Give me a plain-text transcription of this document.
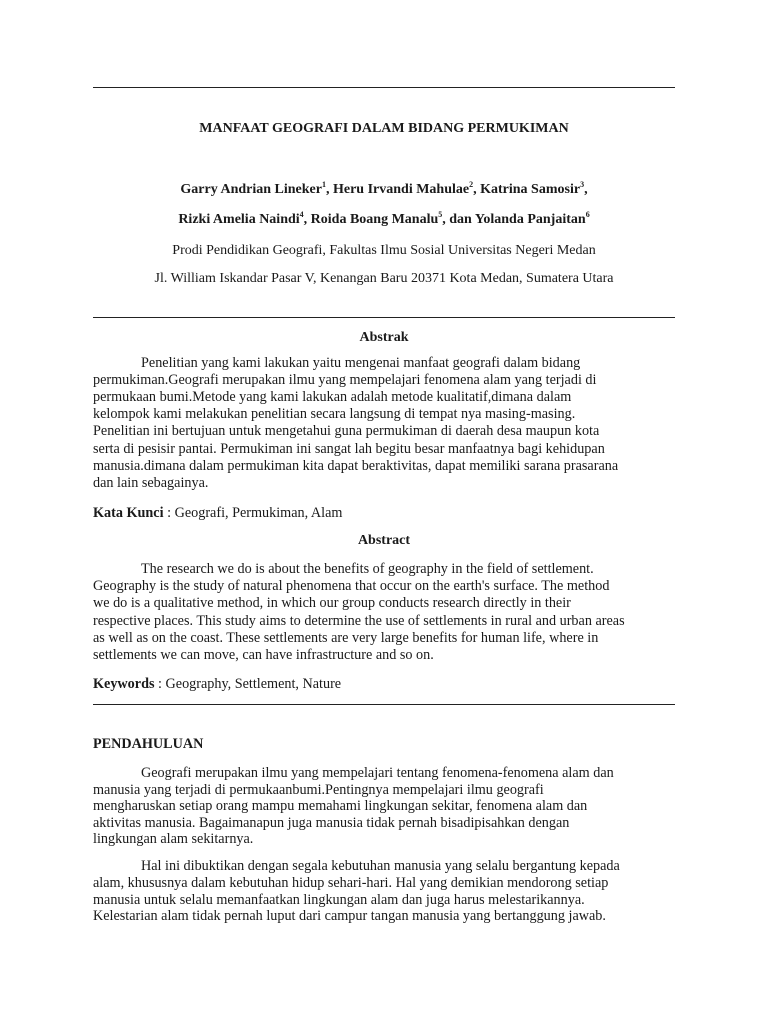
MANFAAT GEOGRAFI DALAM BIDANG PERMUKIMAN
Garry Andrian Lineker$^1$, Heru Irvandi Mahulae$^2$, Katrina Samosir$^3$,
Rizki Amelia Naindi$^4$, Roida Boang Manalu$^5$, dan Yolanda Panjaitan$^6$
Prodi Pendidikan Geografi, Fakultas Ilmu Sosial Universitas Negeri Medan
Jl. William Iskandar Pasar V, Kenangan Baru 20371 Kota Medan, Sumatera Utara
Abstrak
Penelitian yang kami lakukan yaitu mengenai manfaat geografi dalam bidang
permukiman.Geografi merupakan ilmu yang mempelajari fenomena alam yang terjadi di
permukaan bumi.Metode yang kami lakukan adalah metode kualitatif,dimana dalam
kelompok kami melakukan penelitian secara langsung di tempat nya masing-masing.
Penelitian ini bertujuan untuk mengetahui guna permukiman di daerah desa maupun kota
serta di pesisir pantai. Permukiman ini sangat lah begitu besar manfaatnya bagi kehidupan
manusia.dimana dalam permukiman kita dapat beraktivitas, dapat memiliki sarana prasarana
dan lain sebagainya.
Kata Kunci : Geografi, Permukiman, Alam
Abstract
The research we do is about the benefits of geography in the field of settlement.
Geography is the study of natural phenomena that occur on the earth's surface. The method
we do is a qualitative method, in which our group conducts research directly in their
respective places. This study aims to determine the use of settlements in rural and urban areas
as well as on the coast. These settlements are very large benefits for human life, where in
settlements we can move, can have infrastructure and so on.
Keywords : Geography, Settlement, Nature
PENDAHULUAN
Geografi merupakan ilmu yang mempelajari tentang fenomena-fenomena alam dan
manusia yang terjadi di permukaanbumi.Pentingnya mempelajari ilmu geografi
mengharuskan setiap orang mampu memahami lingkungan sekitar, fenomena alam dan
aktivitas manusia. Bagaimanapun juga manusia tidak pernah bisadipisahkan dengan
lingkungan alam sekitarnya.
Hal ini dibuktikan dengan segala kebutuhan manusia yang selalu bergantung kepada
alam, khususnya dalam kebutuhan hidup sehari-hari. Hal yang demikian mendorong setiap
manusia untuk selalu memanfaatkan lingkungan alam dan juga harus melestarikannya.
Kelestarian alam tidak pernah luput dari campur tangan manusia yang bertanggung jawab.
